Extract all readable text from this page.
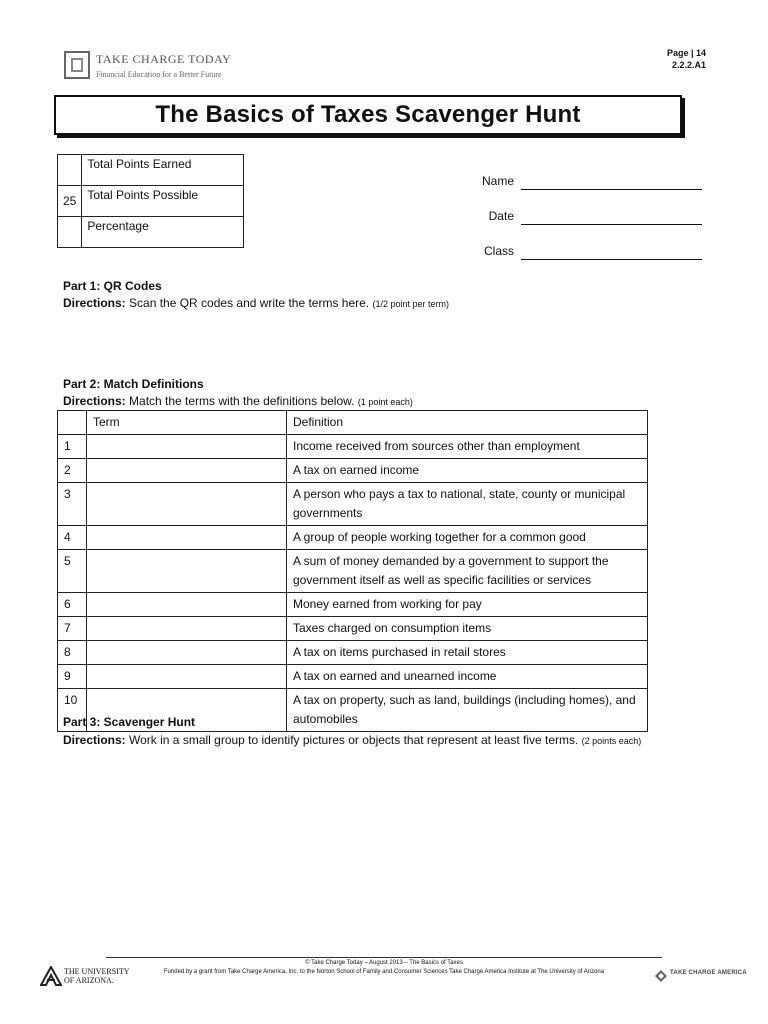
TAKE CHARGE TODAY
Financial Education for a Better Future
Page | 14
2.2.2.A1
The Basics of Taxes Scavenger Hunt
	Total Points Earned
25	Total Points Possible
	Percentage
Name
Date
Class
Part 1: QR Codes
Directions: Scan the QR codes and write the terms here. (1/2 point per term)
Part 2: Match Definitions
Directions: Match the terms with the definitions below. (1 point each)
	Term	Definition
1		Income received from sources other than employment
2		A tax on earned income
3		A person who pays a tax to national, state, county or municipal governments
4		A group of people working together for a common good
5		A sum of money demanded by a government to support the government itself as well as specific facilities or services
6		Money earned from working for pay
7		Taxes charged on consumption items
8		A tax on items purchased in retail stores
9		A tax on earned and unearned income
10		A tax on property, such as land, buildings (including homes), and automobiles
Part 3: Scavenger Hunt
Directions: Work in a small group to identify pictures or objects that represent at least five terms. (2 points each)
© Take Charge Today – August 2013 – The Basics of Taxes
Funded by a grant from Take Charge America, Inc. to the Norton School of Family and Consumer Sciences Take Charge America Institute at The University of Arizona
THE UNIVERSITY
OF ARIZONA.
TAKE CHARGE AMERICA
